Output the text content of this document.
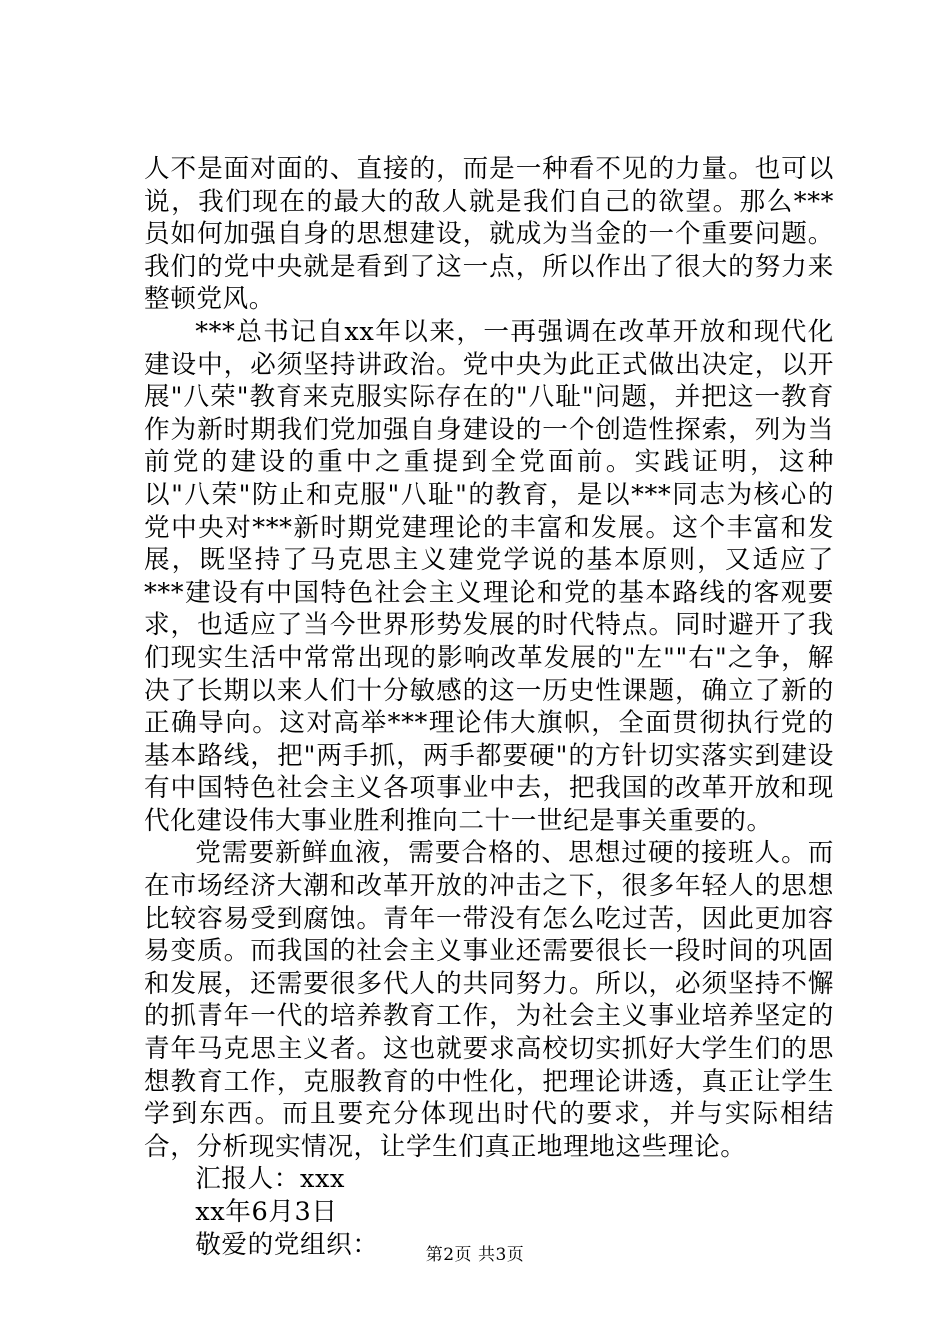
人不是面对面的、直接的，而是一种看不见的力量。也可以说，我们现在的最大的敌人就是我们自己的欲望。那么***员如何加强自身的思想建设，就成为当金的一个重要问题。我们的党中央就是看到了这一点，所以作出了很大的努力来整顿党风。

***总书记自xx年以来，一再强调在改革开放和现代化建设中，必须坚持讲政治。党中央为此正式做出决定，以开展"八荣"教育来克服实际存在的"八耻"问题，并把这一教育作为新时期我们党加强自身建设的一个创造性探索，列为当前党的建设的重中之重提到全党面前。实践证明，这种以"八荣"防止和克服"八耻"的教育，是以***同志为核心的党中央对***新时期党建理论的丰富和发展。这个丰富和发展，既坚持了马克思主义建党学说的基本原则，又适应了***建设有中国特色社会主义理论和党的基本路线的客观要求，也适应了当今世界形势发展的时代特点。同时避开了我们现实生活中常常出现的影响改革发展的"左""右"之争，解决了长期以来人们十分敏感的这一历史性课题，确立了新的正确导向。这对高举***理论伟大旗帜，全面贯彻执行党的基本路线，把"两手抓，两手都要硬"的方针切实落实到建设有中国特色社会主义各项事业中去，把我国的改革开放和现代化建设伟大事业胜利推向二十一世纪是事关重要的。

党需要新鲜血液，需要合格的、思想过硬的接班人。而在市场经济大潮和改革开放的冲击之下，很多年轻人的思想比较容易受到腐蚀。青年一带没有怎么吃过苦，因此更加容易变质。而我国的社会主义事业还需要很长一段时间的巩固和发展，还需要很多代人的共同努力。所以，必须坚持不懈的抓青年一代的培养教育工作，为社会主义事业培养坚定的青年马克思主义者。这也就要求高校切实抓好大学生们的思想教育工作，克服教育的中性化，把理论讲透，真正让学生学到东西。而且要充分体现出时代的要求，并与实际相结合，分析现实情况，让学生们真正地理地这些理论。

汇报人：xxx

xx年6月3日

敬爱的党组织：	第2页 共3页
